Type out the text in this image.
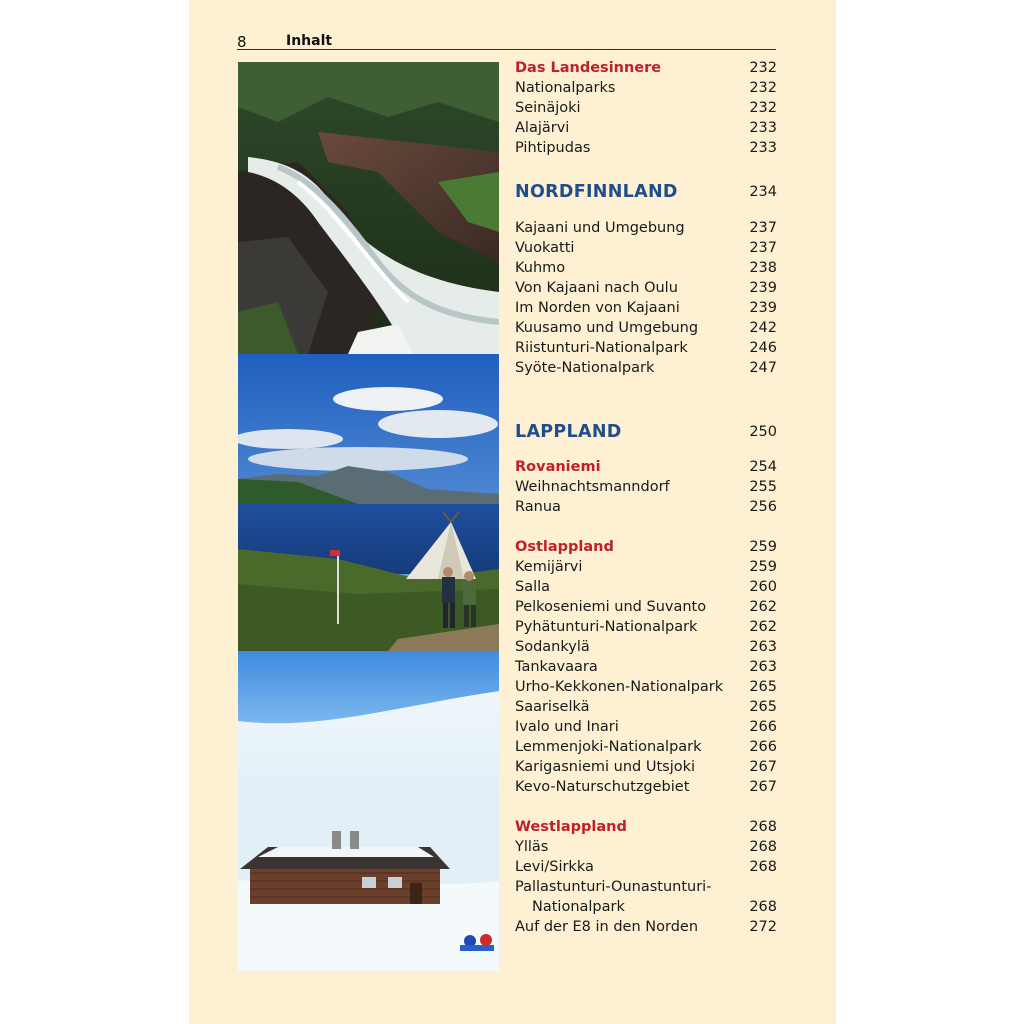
8	Inhalt
Das Landesinnere	232
Nationalparks	232
Seinäjoki	232
Alajärvi	233
Pihtipudas	233
NORDFINNLAND	234
Kajaani und Umgebung	237
Vuokatti	237
Kuhmo	238
Von Kajaani nach Oulu	239
Im Norden von Kajaani	239
Kuusamo und Umgebung	242
Riistunturi-Nationalpark	246
Syöte-Nationalpark	247
LAPPLAND	250
Rovaniemi	254
Weihnachtsmanndorf	255
Ranua	256
Ostlappland	259
Kemijärvi	259
Salla	260
Pelkoseniemi und Suvanto	262
Pyhätunturi-Nationalpark	262
Sodankylä	263
Tankavaara	263
Urho-Kekkonen-Nationalpark 265
Saariselkä	265
Ivalo und Inari	266
Lemmenjoki-Nationalpark	266
Karigasniemi und Utsjoki	267
Kevo-Naturschutzgebiet	267
Westlappland	268
Ylläs	268
Levi/Sirkka	268
Pallastunturi-Ounastunturi-
Nationalpark	268
Auf der E8 in den Norden	272
